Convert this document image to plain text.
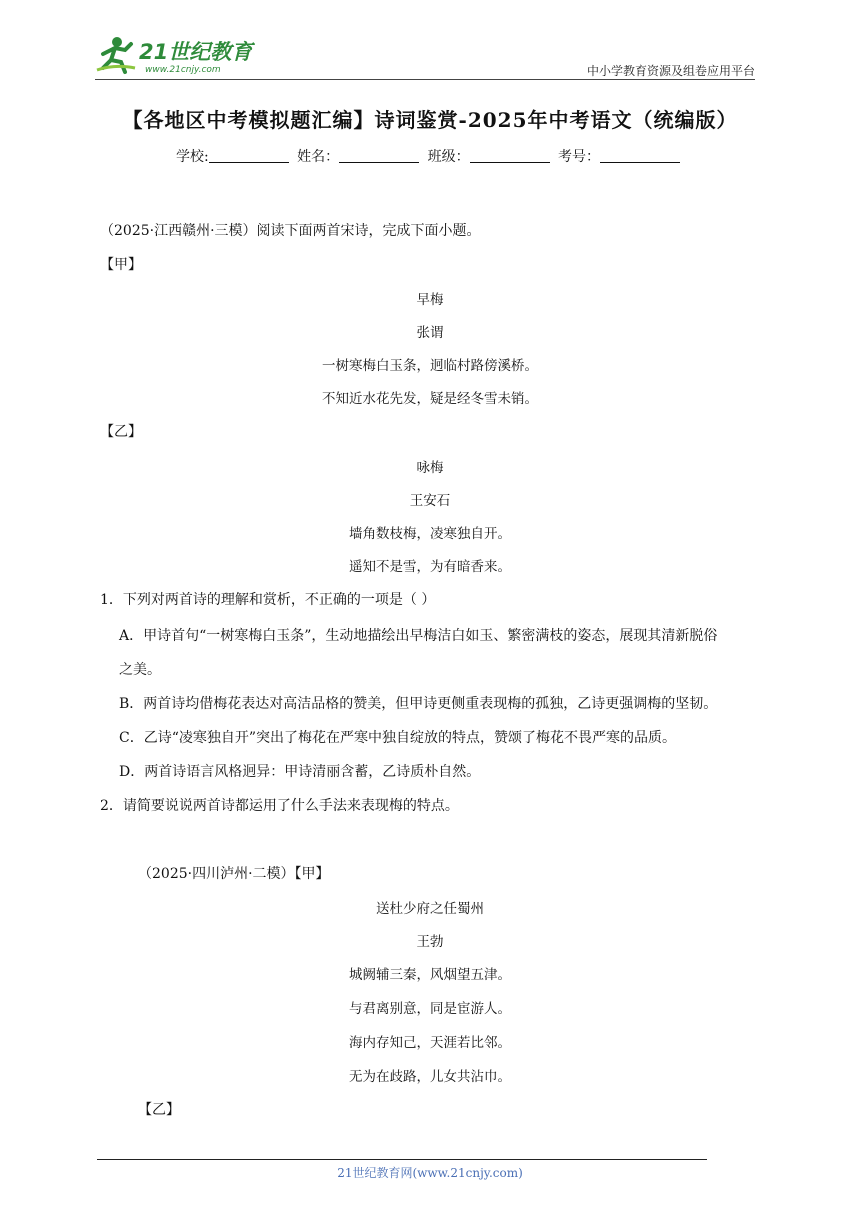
21世纪教育
www.21cnjy.com	中小学教育资源及组卷应用平台
【各地区中考模拟题汇编】诗词鉴赏-2025年中考语文（统编版）
学校:	姓名：	班级：	考号：
（2025·江西赣州·三模）阅读下面两首宋诗，完成下面小题。
【甲】
早梅
张谓
一树寒梅白玉条，迥临村路傍溪桥。
不知近水花先发，疑是经冬雪未销。
【乙】
咏梅
王安石
墙角数枝梅，凌寒独自开。
遥知不是雪，为有暗香来。
1．下列对两首诗的理解和赏析，不正确的一项是（ ）
A．甲诗首句“一树寒梅白玉条”，生动地描绘出早梅洁白如玉、繁密满枝的姿态，展现其清新脱俗
之美。
B．两首诗均借梅花表达对高洁品格的赞美，但甲诗更侧重表现梅的孤独，乙诗更强调梅的坚韧。
C．乙诗“凌寒独自开”突出了梅花在严寒中独自绽放的特点，赞颂了梅花不畏严寒的品质。
D．两首诗语言风格迥异：甲诗清丽含蓄，乙诗质朴自然。
2．请简要说说两首诗都运用了什么手法来表现梅的特点。
（2025·四川泸州·二模）【甲】
送杜少府之任蜀州
王勃
城阙辅三秦，风烟望五津。
与君离别意，同是宦游人。
海内存知己，天涯若比邻。
无为在歧路，儿女共沾巾。
【乙】
21世纪教育网(www.21cnjy.com)
